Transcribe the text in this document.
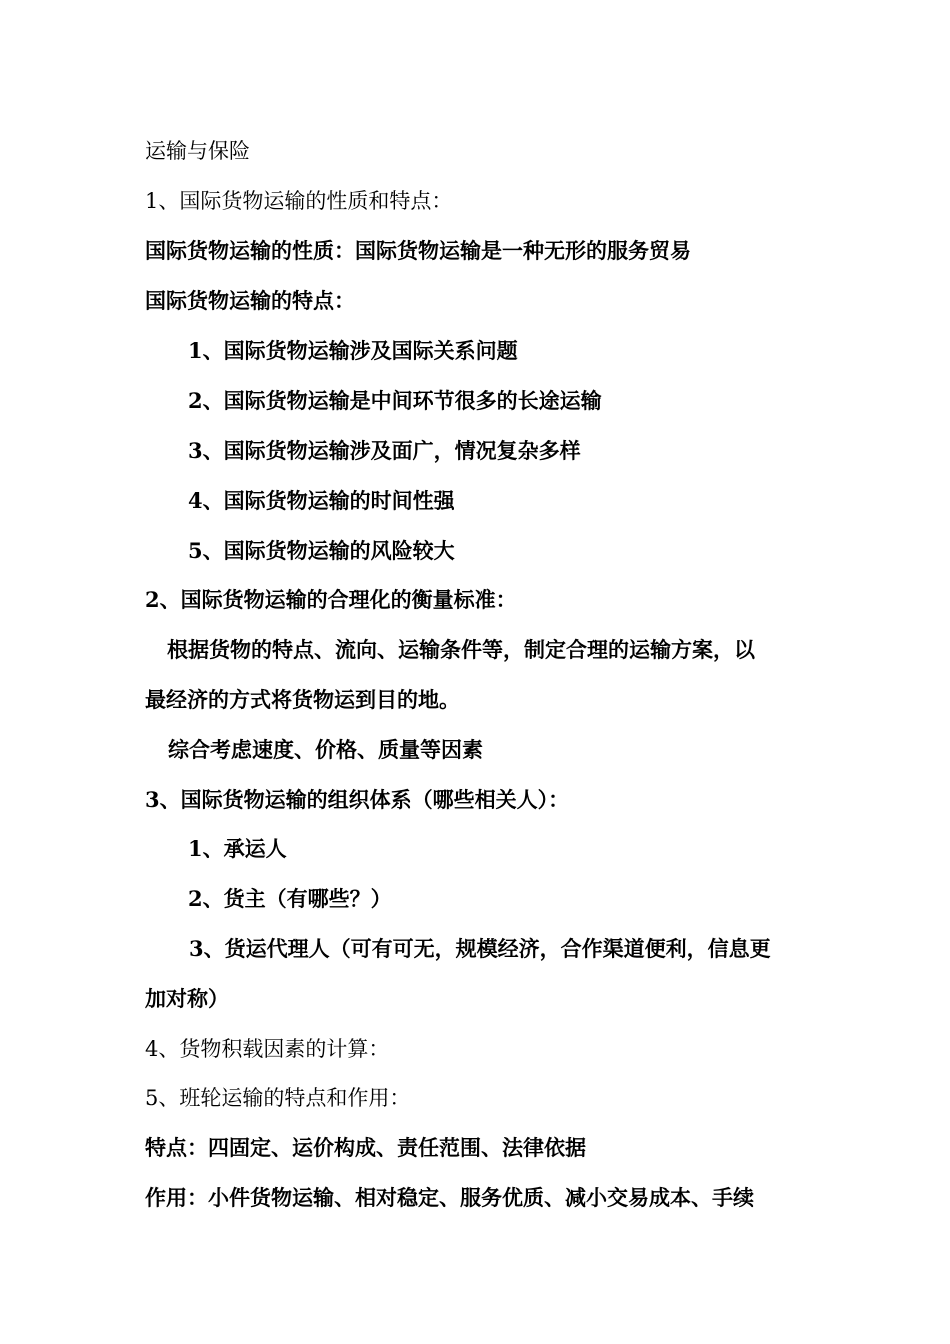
运输与保险
1、国际货物运输的性质和特点：
国际货物运输的性质：国际货物运输是一种无形的服务贸易
国际货物运输的特点：
1、国际货物运输涉及国际关系问题
2、国际货物运输是中间环节很多的长途运输
3、国际货物运输涉及面广，情况复杂多样
4、国际货物运输的时间性强
5、国际货物运输的风险较大
2、国际货物运输的合理化的衡量标准：
根据货物的特点、流向、运输条件等，制定合理的运输方案，以
最经济的方式将货物运到目的地。
综合考虑速度、价格、质量等因素
3、国际货物运输的组织体系（哪些相关人）：
1、承运人
2、货主（有哪些？）
3、货运代理人（可有可无，规模经济，合作渠道便利，信息更
加对称）
4、货物积载因素的计算：
5、班轮运输的特点和作用：
特点：四固定、运价构成、责任范围、法律依据
作用：小件货物运输、相对稳定、服务优质、减小交易成本、手续
